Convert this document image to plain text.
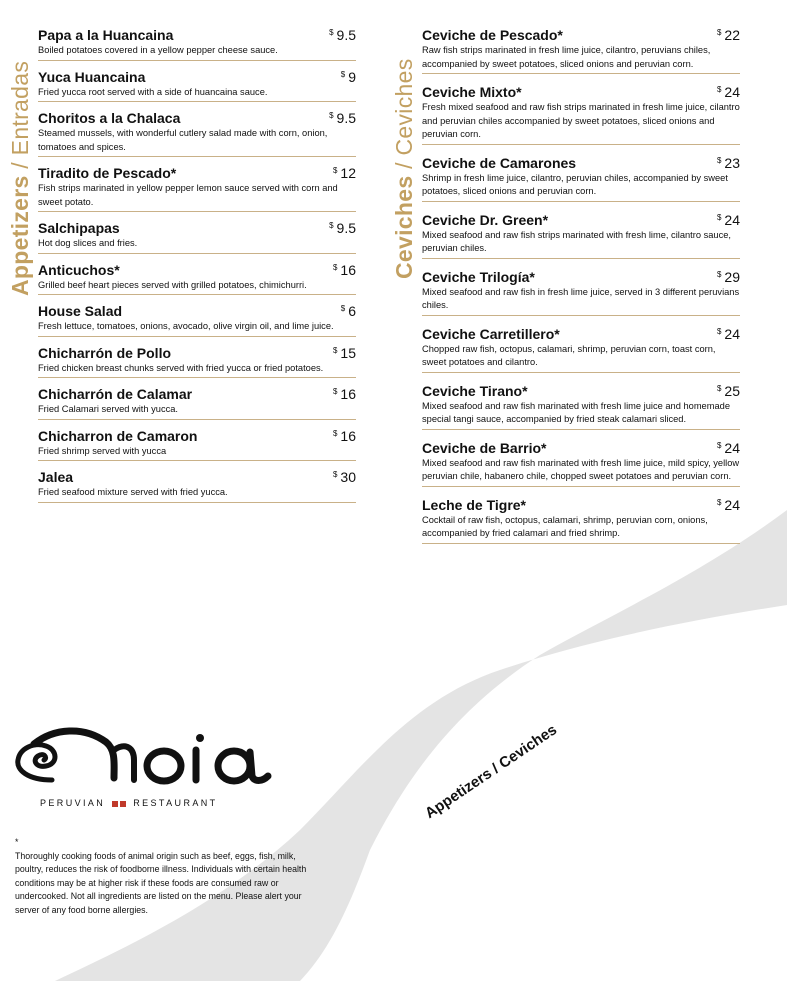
Appetizers / Entradas
Ceviches / Ceviches
Papa a la Huancaina	$ 9.5
Boiled potatoes covered in a yellow pepper cheese sauce.
Yuca Huancaina	$ 9
Fried yucca root served with a side of huancaina sauce.
Choritos a la Chalaca	$ 9.5
Steamed mussels, with wonderful cutlery salad made with corn, onion, tomatoes and spices.
Tiradito de Pescado*	$ 12
Fish strips marinated in yellow pepper lemon sauce served with corn and sweet potato.
Salchipapas	$ 9.5
Hot dog slices and fries.
Anticuchos*	$ 16
Grilled beef heart pieces served with grilled potatoes, chimichurri.
House Salad	$ 6
Fresh lettuce, tomatoes, onions, avocado, olive virgin oil, and lime juice.
Chicharrón de Pollo	$ 15
Fried chicken breast chunks served with fried yucca or fried potatoes.
Chicharrón de Calamar	$ 16
Fried Calamari served with yucca.
Chicharron de Camaron	$ 16
Fried shrimp served with yucca
Jalea	$ 30
Fried seafood mixture served with fried yucca.
Ceviche de Pescado*	$ 22
Raw fish strips marinated in fresh lime juice, cilantro, peruvians chiles, accompanied by sweet potatoes, sliced onions and peruvian corn.
Ceviche Mixto*	$ 24
Fresh mixed seafood and raw fish strips marinated in fresh lime juice, cilantro and peruvian chiles accompanied by sweet potatoes, sliced onions and peruvian corn.
Ceviche de Camarones	$ 23
Shrimp in fresh lime juice, cilantro, peruvian chiles, accompanied by sweet potatoes, sliced onions and peruvian corn.
Ceviche Dr. Green*	$ 24
Mixed seafood and raw fish strips marinated with fresh lime, cilantro sauce, peruvian chiles.
Ceviche Trilogía*	$ 29
Mixed seafood and raw fish in fresh lime juice, served in 3 different peruvians chiles.
Ceviche Carretillero*	$ 24
Chopped raw fish, octopus, calamari, shrimp, peruvian corn, toast corn, sweet potatoes and cilantro.
Ceviche Tirano*	$ 25
Mixed seafood and raw fish marinated with fresh lime juice and homemade special tangi sauce, accompanied by fried steak calamari sliced.
Ceviche de Barrio*	$ 24
Mixed seafood and raw fish marinated with fresh lime juice, mild spicy, yellow peruvian chile, habanero chile, chopped sweet potatoes and peruvian corn.
Leche de Tigre*	$ 24
Cocktail of raw fish, octopus, calamari, shrimp, peruvian corn, onions, accompanied by fried calamari and fried shrimp.
Moia
PERUVIAN	RESTAURANT
*
Thoroughly cooking foods of animal origin such as beef, eggs, fish, milk, poultry, reduces the risk of foodborne illness. Individuals with certain health conditions may be at higher risk if these foods are consumed raw or undercooked. Not all ingredients are listed on the menu. Please alert your server of any food borne allergies.
Appetizers / Ceviches
